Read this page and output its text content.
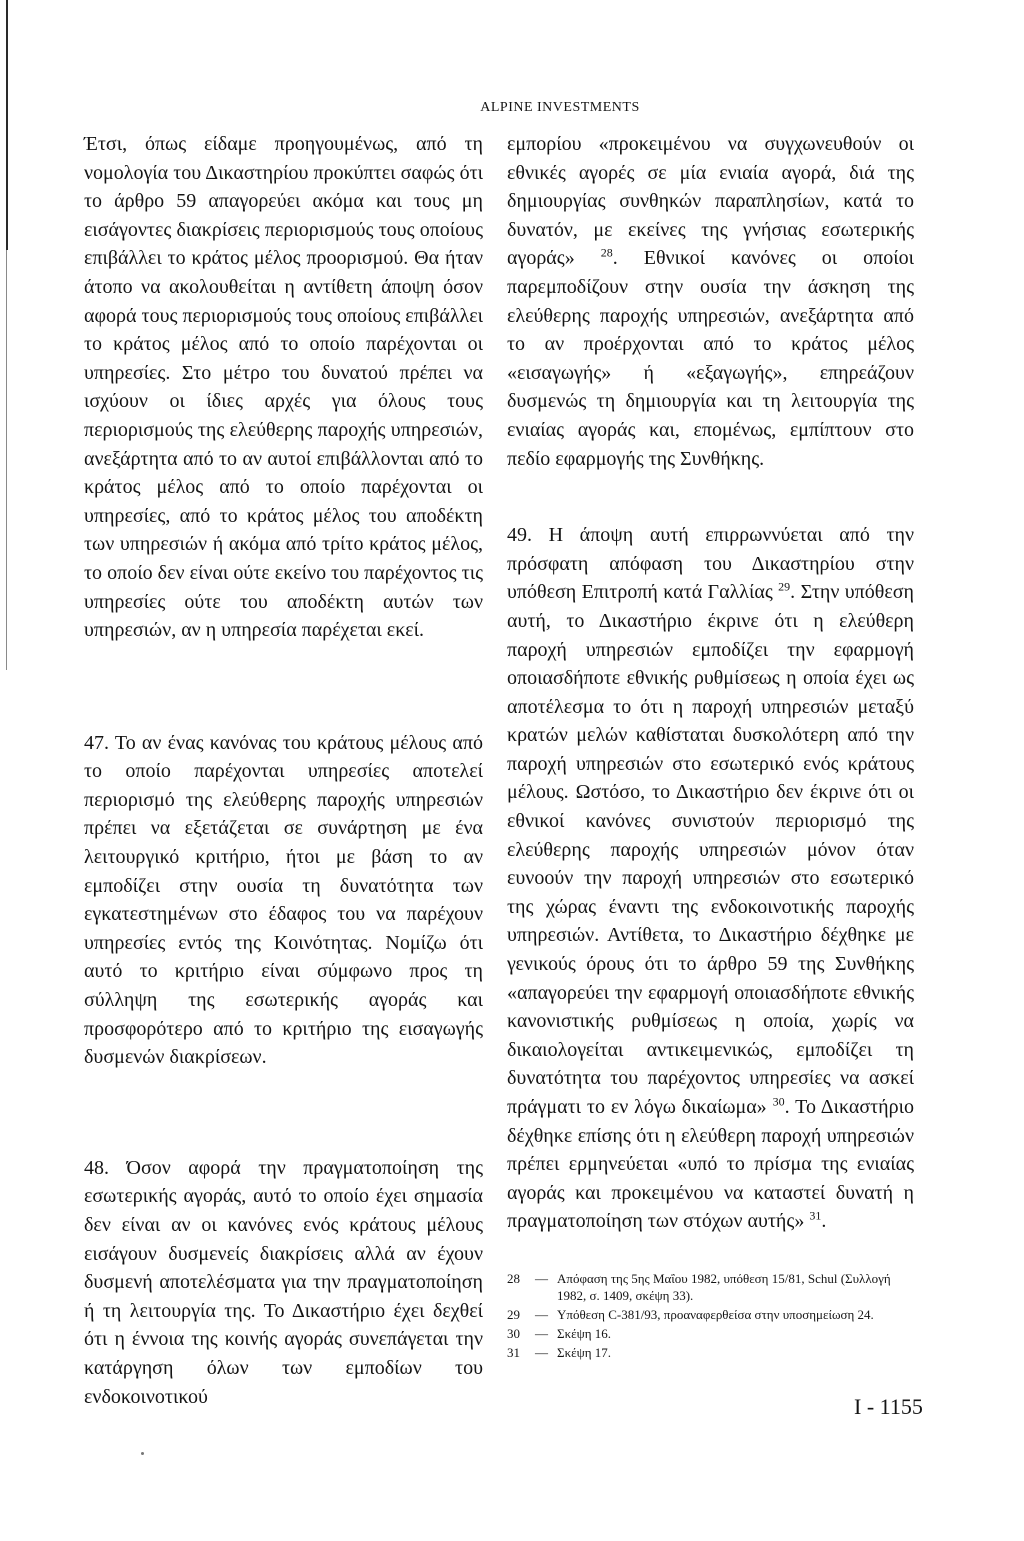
ALPINE INVESTMENTS

Έτσι, όπως είδαμε προηγουμένως, από τη νομολογία του Δικαστηρίου προκύπτει σαφώς ότι το άρθρο 59 απαγορεύει ακόμα και τους μη εισάγοντες διακρίσεις περιορισμούς τους οποίους επιβάλλει το κράτος μέλος προορισμού. Θα ήταν άτοπο να ακολουθείται η αντίθετη άποψη όσον αφορά τους περιορισμούς τους οποίους επιβάλλει το κράτος μέλος από το οποίο παρέχονται οι υπηρεσίες. Στο μέτρο του δυνατού πρέπει να ισχύουν οι ίδιες αρχές για όλους τους περιορισμούς της ελεύθερης παροχής υπηρεσιών, ανεξάρτητα από το αν αυτοί επιβάλλονται από το κράτος μέλος από το οποίο παρέχονται οι υπηρεσίες, από το κράτος μέλος του αποδέκτη των υπηρεσιών ή ακόμα από τρίτο κράτος μέλος, το οποίο δεν είναι ούτε εκείνο του παρέχοντος τις υπηρεσίες ούτε του αποδέκτη αυτών των υπηρεσιών, αν η υπηρεσία παρέχεται εκεί.

47. Το αν ένας κανόνας του κράτους μέλους από το οποίο παρέχονται υπηρεσίες αποτελεί περιορισμό της ελεύθερης παροχής υπηρεσιών πρέπει να εξετάζεται σε συνάρτηση με ένα λειτουργικό κριτήριο, ήτοι με βάση το αν εμποδίζει στην ουσία τη δυνατότητα των εγκατεστημένων στο έδαφος του να παρέχουν υπηρεσίες εντός της Κοινότητας. Νομίζω ότι αυτό το κριτήριο είναι σύμφωνο προς τη σύλληψη της εσωτερικής αγοράς και προσφορότερο από το κριτήριο της εισαγωγής δυσμενών διακρίσεων.

48. Όσον αφορά την πραγματοποίηση της εσωτερικής αγοράς, αυτό το οποίο έχει σημασία δεν είναι αν οι κανόνες ενός κράτους μέλους εισάγουν δυσμενείς διακρίσεις αλλά αν έχουν δυσμενή αποτελέσματα για την πραγματοποίηση ή τη λειτουργία της. Το Δικαστήριο έχει δεχθεί ότι η έννοια της κοινής αγοράς συνεπάγεται την κατάργηση όλων των εμποδίων του ενδοκοινοτικού

εμπορίου «προκειμένου να συγχωνευθούν οι εθνικές αγορές σε μία ενιαία αγορά, διά της δημιουργίας συνθηκών παραπλησίων, κατά το δυνατόν, με εκείνες της γνήσιας εσωτερικής αγοράς» $^{28}$. Εθνικοί κανόνες οι οποίοι παρεμποδίζουν στην ουσία την άσκηση της ελεύθερης παροχής υπηρεσιών, ανεξάρτητα από το αν προέρχονται από το κράτος μέλος «εισαγωγής» ή «εξαγωγής», επηρεάζουν δυσμενώς τη δημιουργία και τη λειτουργία της ενιαίας αγοράς και, επομένως, εμπίπτουν στο πεδίο εφαρμογής της Συνθήκης.

49. Η άποψη αυτή επιρρωννύεται από την πρόσφατη απόφαση του Δικαστηρίου στην υπόθεση Επιτροπή κατά Γαλλίας $^{29}$. Στην υπόθεση αυτή, το Δικαστήριο έκρινε ότι η ελεύθερη παροχή υπηρεσιών εμποδίζει την εφαρμογή οποιασδήποτε εθνικής ρυθμίσεως η οποία έχει ως αποτέλεσμα το ότι η παροχή υπηρεσιών μεταξύ κρατών μελών καθίσταται δυσκολότερη από την παροχή υπηρεσιών στο εσωτερικό ενός κράτους μέλους. Ωστόσο, το Δικαστήριο δεν έκρινε ότι οι εθνικοί κανόνες συνιστούν περιορισμό της ελεύθερης παροχής υπηρεσιών μόνον όταν ευνοούν την παροχή υπηρεσιών στο εσωτερικό της χώρας έναντι της ενδοκοινοτικής παροχής υπηρεσιών. Αντίθετα, το Δικαστήριο δέχθηκε με γενικούς όρους ότι το άρθρο 59 της Συνθήκης «απαγορεύει την εφαρμογή οποιασδήποτε εθνικής κανονιστικής ρυθμίσεως η οποία, χωρίς να δικαιολογείται αντικειμενικώς, εμποδίζει τη δυνατότητα του παρέχοντος υπηρεσίες να ασκεί πράγματι το εν λόγω δικαίωμα» $^{30}$. Το Δικαστήριο δέχθηκε επίσης ότι η ελεύθερη παροχή υπηρεσιών πρέπει ερμηνεύεται «υπό το πρίσμα της ενιαίας αγοράς και προκειμένου να καταστεί δυνατή η πραγματοποίηση των στόχων αυτής» $^{31}$.

28	— Απόφαση της 5ης Μαΐου 1982, υπόθεση 15/81, Schul (Συλλογή 1982, σ. 1409, σκέψη 33).
29	— Υπόθεση C-381/93, προαναφερθείσα στην υποσημείωση 24.
30	— Σκέψη 16.
31	— Σκέψη 17.
I - 1155
